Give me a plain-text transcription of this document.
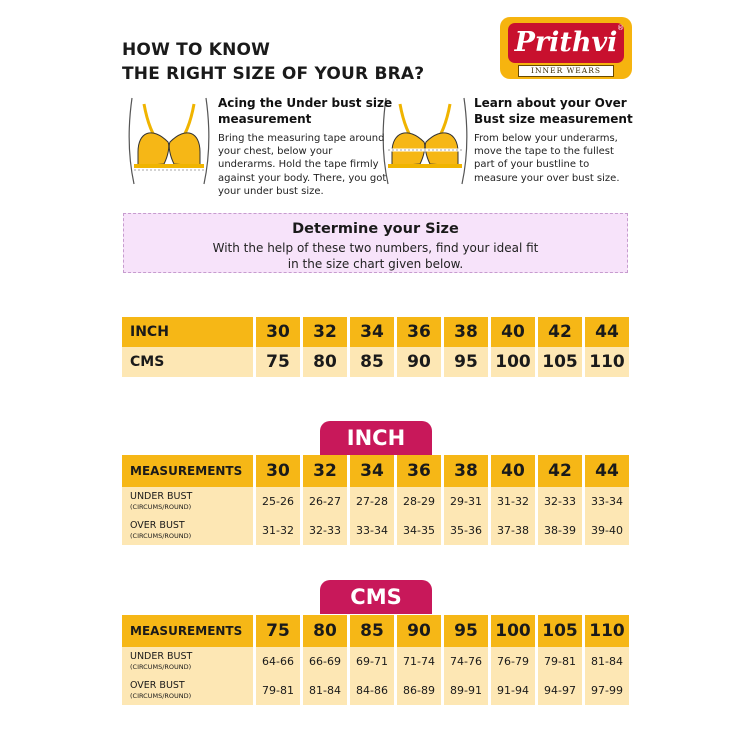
HOW TO KNOW
THE RIGHT SIZE OF YOUR BRA?
Prithvi ®
INNER WEARS
Acing the Under bust size measurement
Bring the measuring tape around your chest, below your underarms. Hold the tape firmly against your body. There, you got your under bust size.
Learn about your Over Bust size measurement
From below your underarms, move the tape to the fullest part of your bustline to measure your over bust size.
Determine your Size
With the help of these two numbers, find your ideal fit
in the size chart given below.
INCH	30	32	34	36	38	40	42	44
CMS	75	80	85	90	95	100 105 110
INCH
MEASUREMENTS	30	32	34	36	38	40	42	44
UNDER BUST
(CIRCUMS/ROUND)	25-26	26-27	27-28	28-29	29-31	31-32	32-33	33-34
OVER BUST
(CIRCUMS/ROUND)	31-32	32-33	33-34	34-35	35-36	37-38	38-39	39-40
CMS
MEASUREMENTS	75	80	85	90	95	100 105 110
UNDER BUST
(CIRCUMS/ROUND)	64-66	66-69	69-71	71-74	74-76	76-79	79-81	81-84
OVER BUST
(CIRCUMS/ROUND)	79-81	81-84	84-86	86-89	89-91	91-94	94-97	97-99
